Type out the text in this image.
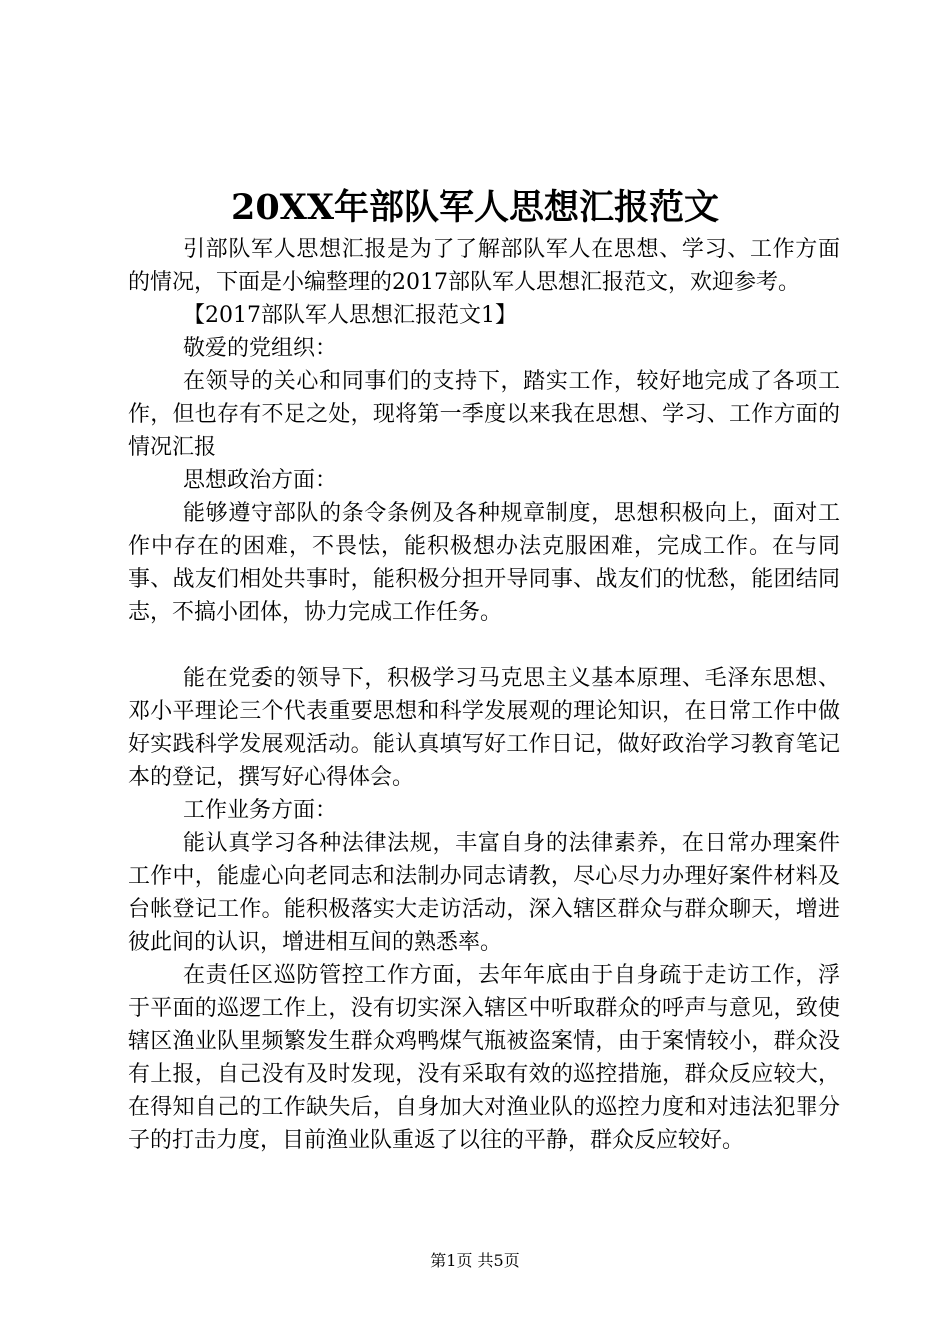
20XX年部队军人思想汇报范文

引部队军人思想汇报是为了了解部队军人在思想、学习、工作方面的情况，下面是小编整理的2017部队军人思想汇报范文，欢迎参考。

【2017部队军人思想汇报范文1】

敬爱的党组织：

在领导的关心和同事们的支持下，踏实工作，较好地完成了各项工作，但也存有不足之处，现将第一季度以来我在思想、学习、工作方面的情况汇报

思想政治方面：

能够遵守部队的条令条例及各种规章制度，思想积极向上，面对工作中存在的困难，不畏怯，能积极想办法克服困难，完成工作。在与同事、战友们相处共事时，能积极分担开导同事、战友们的忧愁，能团结同志，不搞小团体，协力完成工作任务。

能在党委的领导下，积极学习马克思主义基本原理、毛泽东思想、邓小平理论三个代表重要思想和科学发展观的理论知识，在日常工作中做好实践科学发展观活动。能认真填写好工作日记，做好政治学习教育笔记本的登记，撰写好心得体会。

工作业务方面：

能认真学习各种法律法规，丰富自身的法律素养，在日常办理案件工作中，能虚心向老同志和法制办同志请教，尽心尽力办理好案件材料及台帐登记工作。能积极落实大走访活动，深入辖区群众与群众聊天，增进彼此间的认识，增进相互间的熟悉率。

在责任区巡防管控工作方面，去年年底由于自身疏于走访工作，浮于平面的巡逻工作上，没有切实深入辖区中听取群众的呼声与意见，致使辖区渔业队里频繁发生群众鸡鸭煤气瓶被盗案情，由于案情较小，群众没有上报，自己没有及时发现，没有采取有效的巡控措施，群众反应较大，在得知自己的工作缺失后，自身加大对渔业队的巡控力度和对违法犯罪分子的打击力度，目前渔业队重返了以往的平静，群众反应较好。

第1页 共5页
